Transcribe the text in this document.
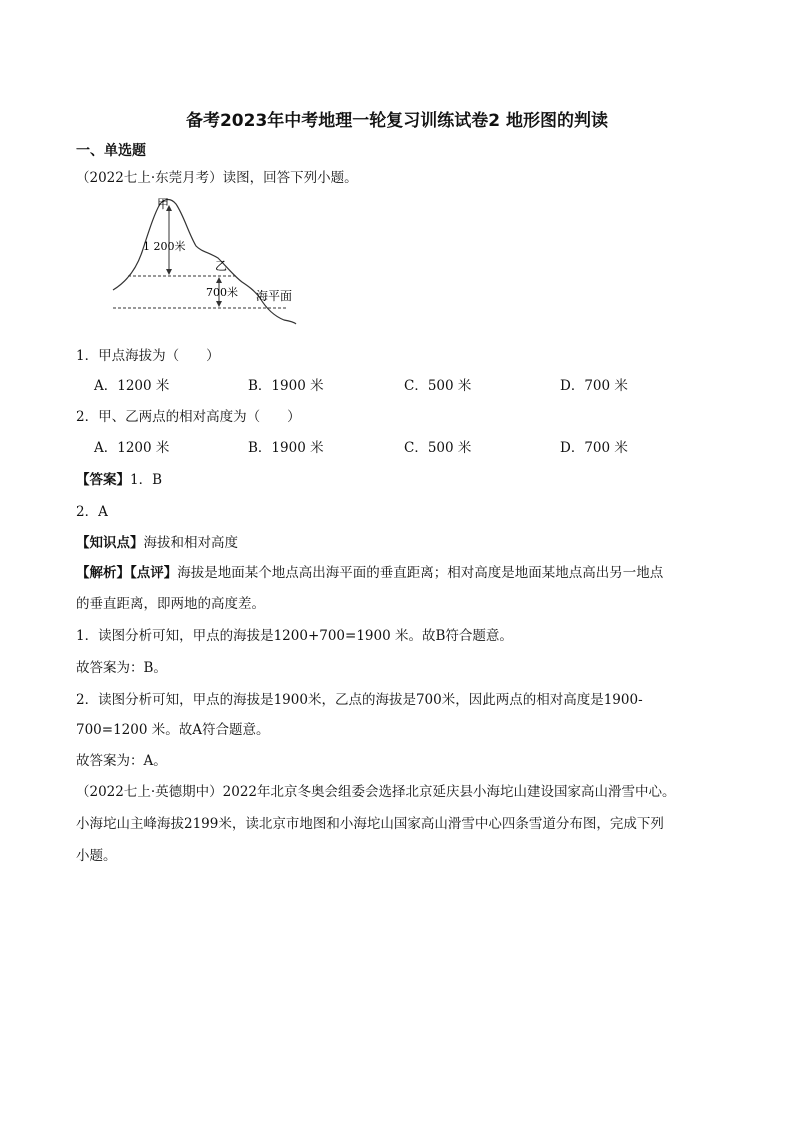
备考2023年中考地理一轮复习训练试卷2 地形图的判读
一、单选题
（2022七上·东莞月考）读图，回答下列小题。
甲
乙
1 200米
700米 海平面
1．甲点海拔为（　　）
A．1200 米	B．1900 米	C．500 米	D．700 米
2．甲、乙两点的相对高度为（　　）
A．1200 米	B．1900 米	C．500 米	D．700 米
【答案】1．B
2．A
【知识点】海拔和相对高度
【解析】【点评】海拔是地面某个地点高出海平面的垂直距离；相对高度是地面某地点高出另一地点
的垂直距离，即两地的高度差。
1．读图分析可知，甲点的海拔是1200+700=1900 米。故B符合题意。
故答案为：B。
2．读图分析可知，甲点的海拔是1900米，乙点的海拔是700米，因此两点的相对高度是1900-
700=1200 米。故A符合题意。
故答案为：A。
（2022七上·英德期中）2022年北京冬奥会组委会选择北京延庆县小海坨山建设国家高山滑雪中心。
小海坨山主峰海拔2199米，读北京市地图和小海坨山国家高山滑雪中心四条雪道分布图，完成下列
小题。
